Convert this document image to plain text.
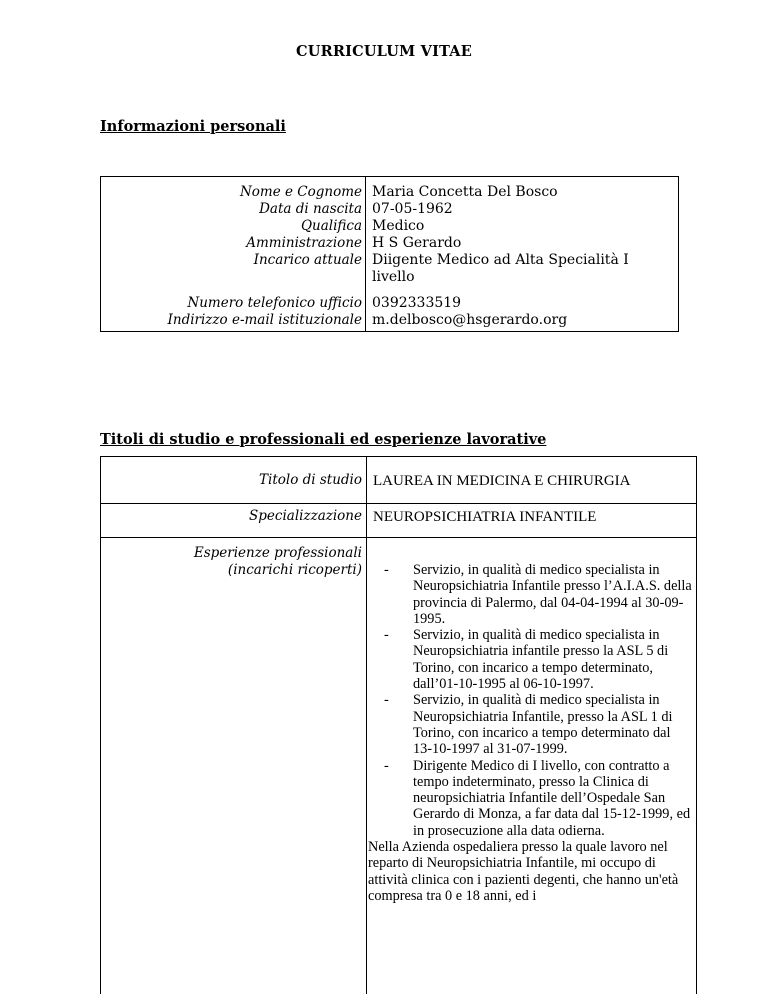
CURRICULUM VITAE
Informazioni personali
Nome e Cognome Maria Concetta Del Bosco
Data di nascita 07-05-1962
Qualifica Medico
Amministrazione H S Gerardo
Incarico attuale Diigente Medico ad Alta Specialità I livello
Numero telefonico ufficio 0392333519
Indirizzo e-mail istituzionale m.delbosco@hsgerardo.org
Titoli di studio e professionali ed esperienze lavorative
Titolo di studio LAUREA IN MEDICINA E CHIRURGIA
Specializzazione NEUROPSICHIATRIA INFANTILE
Esperienze professionali
(incarichi ricoperti) - Servizio, in qualità di medico specialista in Neuropsichiatria Infantile presso l’A.I.A.S. della provincia di Palermo, dal 04-04-1994 al 30-09-1995.
- Servizio, in qualità di medico specialista in Neuropsichiatria infantile presso la ASL 5 di Torino, con incarico a tempo determinato, dall’01-10-1995 al 06-10-1997.
- Servizio, in qualità di medico specialista in Neuropsichiatria Infantile, presso la ASL 1 di Torino, con incarico a tempo determinato dal 13-10-1997 al 31-07-1999.
- Dirigente Medico di I livello, con contratto a tempo indeterminato, presso la Clinica di neuropsichiatria Infantile dell’Ospedale San Gerardo di Monza, a far data dal 15-12-1999, ed in prosecuzione alla data odierna.
Nella Azienda ospedaliera presso la quale lavoro nel reparto di Neuropsichiatria Infantile, mi occupo di attività clinica con i pazienti degenti, che hanno un'età compresa tra 0 e 18 anni, ed i
